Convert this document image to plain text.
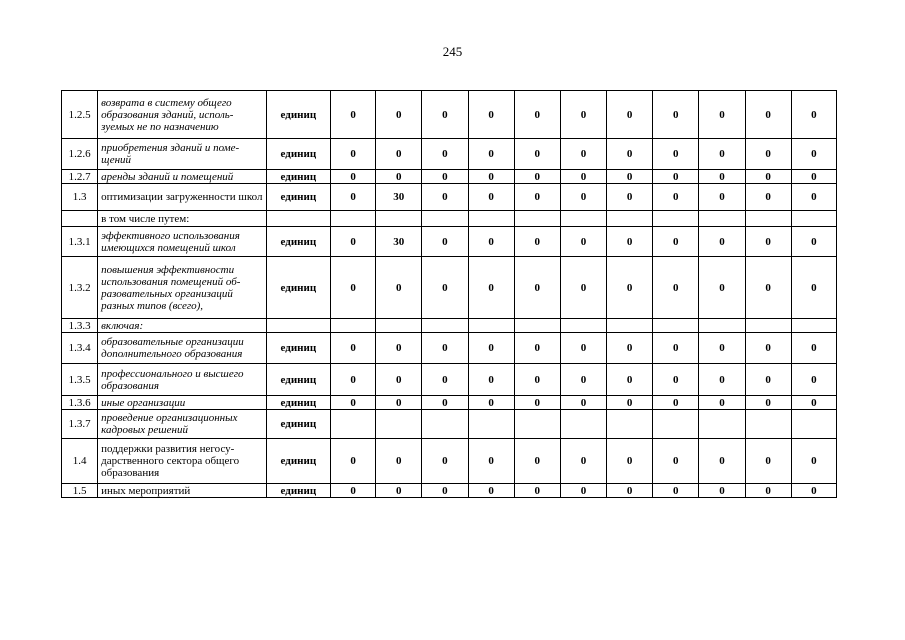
245
1.2.5	возврата в систему общего образования зданий, исполь-зуемых не по назначению	единиц	0	0	0	0	0	0	0	0	0	0	0
1.2.6	приобретения зданий и поме-щений	единиц	0	0	0	0	0	0	0	0	0	0	0
1.2.7	аренды зданий и помещений	единиц	0	0	0	0	0	0	0	0	0	0	0
1.3	оптимизации загруженности школ	единиц	0	30	0	0	0	0	0	0	0	0	0
	в том числе путем:												
1.3.1	эффективного использования имеющихся помещений школ	единиц	0	30	0	0	0	0	0	0	0	0	0
1.3.2	повышения эффективности использования помещений об-разовательных организаций разных типов (всего),	единиц	0	0	0	0	0	0	0	0	0	0	0
1.3.3	включая:												
1.3.4	образовательные организации дополнительного образования	единиц	0	0	0	0	0	0	0	0	0	0	0
1.3.5	профессионального и высшего образования	единиц	0	0	0	0	0	0	0	0	0	0	0
1.3.6	иные организации	единиц	0	0	0	0	0	0	0	0	0	0	0
1.3.7	проведение организационных кадровых решений	единиц											
1.4	поддержки развития негосу-дарственного сектора общего образования	единиц	0	0	0	0	0	0	0	0	0	0	0
1.5	иных мероприятий	единиц	0	0	0	0	0	0	0	0	0	0	0
